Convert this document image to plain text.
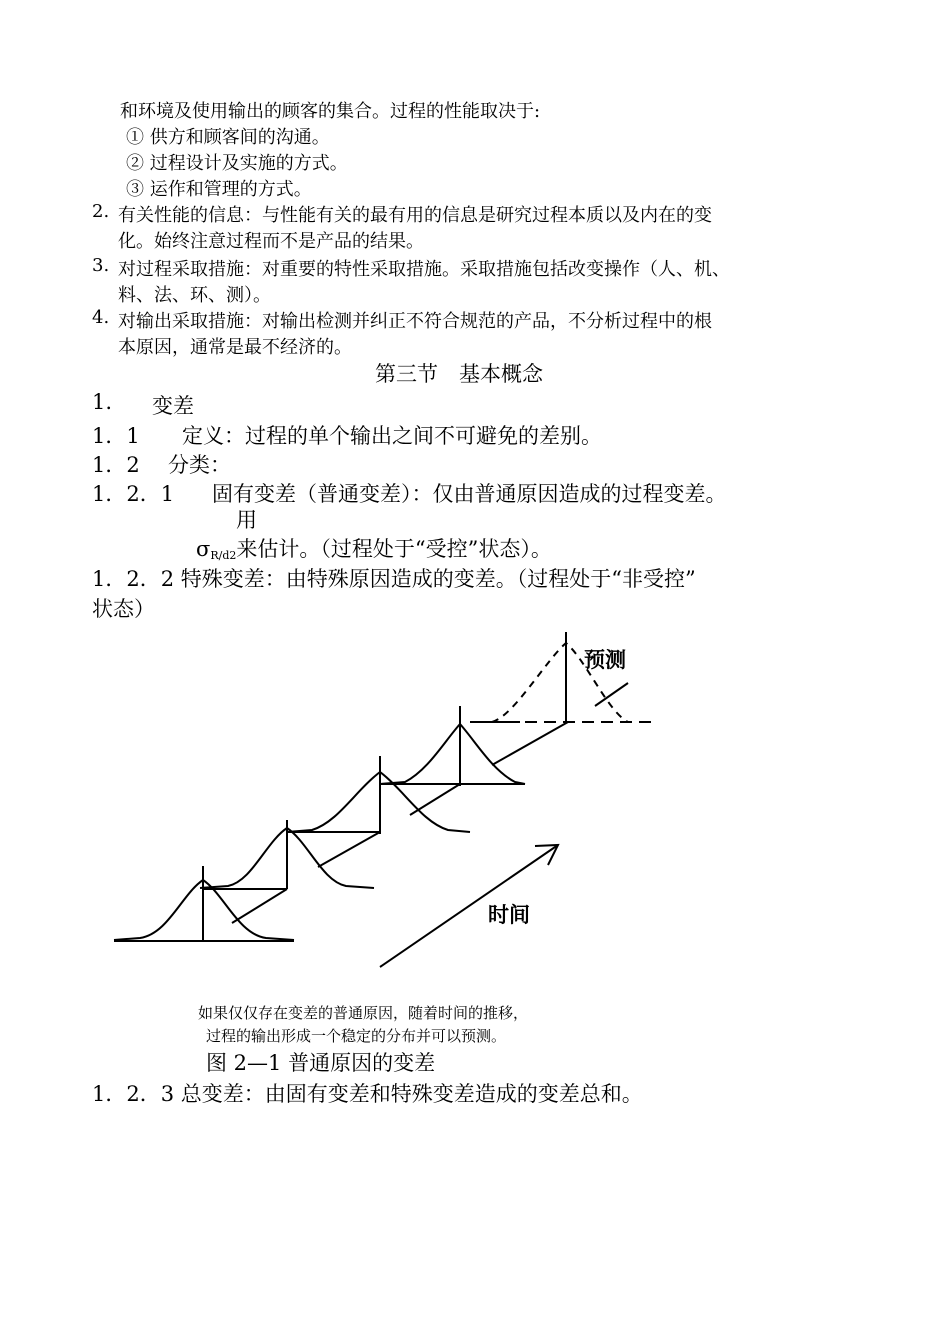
和环境及使用输出的顾客的集合。过程的性能取决于:
① 供方和顾客间的沟通。
② 过程设计及实施的方式。
③ 运作和管理的方式。
2. 有关性能的信息：与性能有关的最有用的信息是研究过程本质以及内在的变
化。始终注意过程而不是产品的结果。
3. 对过程采取措施：对重要的特性采取措施。采取措施包括改变操作（人、机、
料、法、环、测）。
4. 对输出采取措施：对输出检测并纠正不符合规范的产品，不分析过程中的根
本原因，通常是最不经济的。
第三节　基本概念
1. 变差
1．1 定义：过程的单个输出之间不可避免的差别。
1．2 分类：
1．2．1 固有变差（普通变差）：仅由普通原因造成的过程变差。
用
$\sigma_{R/d2}$来估计。（过程处于“受控”状态）。
1．2．2 特殊变差：由特殊原因造成的变差。（过程处于“非受控”
状态）
预测
时间
如果仅仅存在变差的普通原因，随着时间的推移，
过程的输出形成一个稳定的分布并可以预测。
图 2—1 普通原因的变差
1．2．3 总变差：由固有变差和特殊变差造成的变差总和。
